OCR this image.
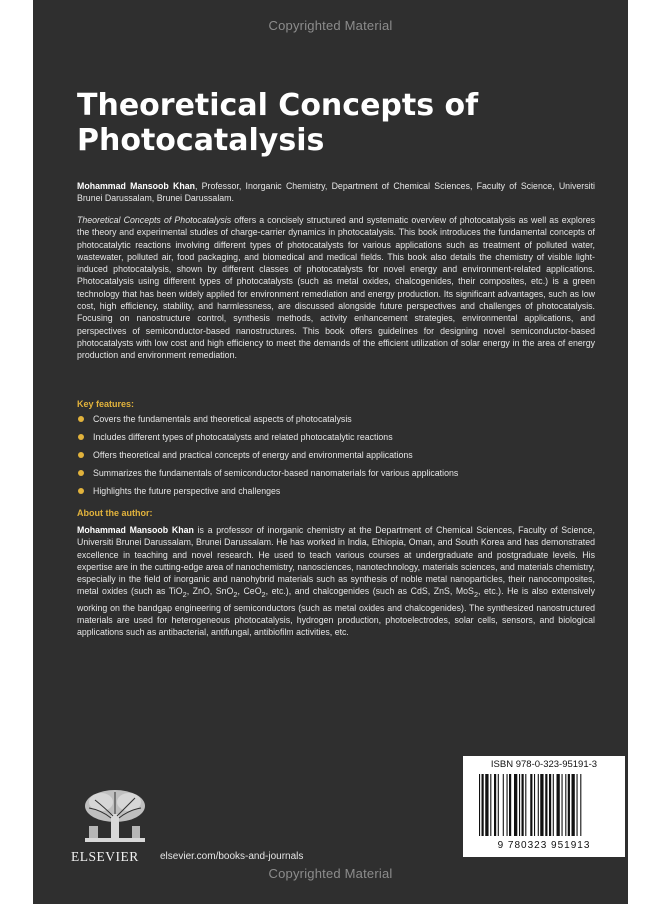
Copyrighted Material
Theoretical Concepts of
Photocatalysis
Mohammad Mansoob Khan, Professor, Inorganic Chemistry, Department of Chemical Sciences, Faculty of Science, Universiti Brunei Darussalam, Brunei Darussalam.
Theoretical Concepts of Photocatalysis offers a concisely structured and systematic overview of photocatalysis as well as explores the theory and experimental studies of charge-carrier dynamics in photocatalysis. This book introduces the fundamental concepts of photocatalytic reactions involving different types of photocatalysts for various applications such as treatment of polluted water, wastewater, polluted air, food packaging, and biomedical and medical fields. This book also details the chemistry of visible light-induced photocatalysis, shown by different classes of photocatalysts for novel energy and environment-related applications. Photocatalysis using different types of photocatalysts (such as metal oxides, chalcogenides, their composites, etc.) is a green technology that has been widely applied for environment remediation and energy production. Its significant advantages, such as low cost, high efficiency, stability, and harmlessness, are discussed alongside future perspectives and challenges of photocatalysis. Focusing on nanostructure control, synthesis methods, activity enhancement strategies, environmental applications, and perspectives of semiconductor-based nanostructures. This book offers guidelines for designing novel semiconductor-based photocatalysts with low cost and high efficiency to meet the demands of the efficient utilization of solar energy in the area of energy production and environment remediation.
Key features:
Covers the fundamentals and theoretical aspects of photocatalysis
Includes different types of photocatalysts and related photocatalytic reactions
Offers theoretical and practical concepts of energy and environmental applications
Summarizes the fundamentals of semiconductor-based nanomaterials for various applications
Highlights the future perspective and challenges
About the author:
Mohammad Mansoob Khan is a professor of inorganic chemistry at the Department of Chemical Sciences, Faculty of Science, Universiti Brunei Darussalam, Brunei Darussalam. He has worked in India, Ethiopia, Oman, and South Korea and has demonstrated excellence in teaching and novel research. He used to teach various courses at undergraduate and postgraduate levels. His expertise are in the cutting-edge area of nanochemistry, nanosciences, nanotechnology, materials sciences, and materials chemistry, especially in the field of inorganic and nanohybrid materials such as synthesis of noble metal nanoparticles, their nanocomposites, metal oxides (such as TiO$_2$, ZnO, SnO$_2$, CeO$_2$, etc.), and chalcogenides (such as CdS, ZnS, MoS$_2$, etc.). He is also extensively working on the bandgap engineering of semiconductors (such as metal oxides and chalcogenides). The synthesized nanostructured materials are used for heterogeneous photocatalysis, hydrogen production, photoelectrodes, solar cells, sensors, and biological applications such as antibacterial, antifungal, antibiofilm activities, etc.
ELSEVIER elsevier.com/books-and-journals
ISBN 978-0-323-95191-3
9 780323 951913
Copyrighted Material
